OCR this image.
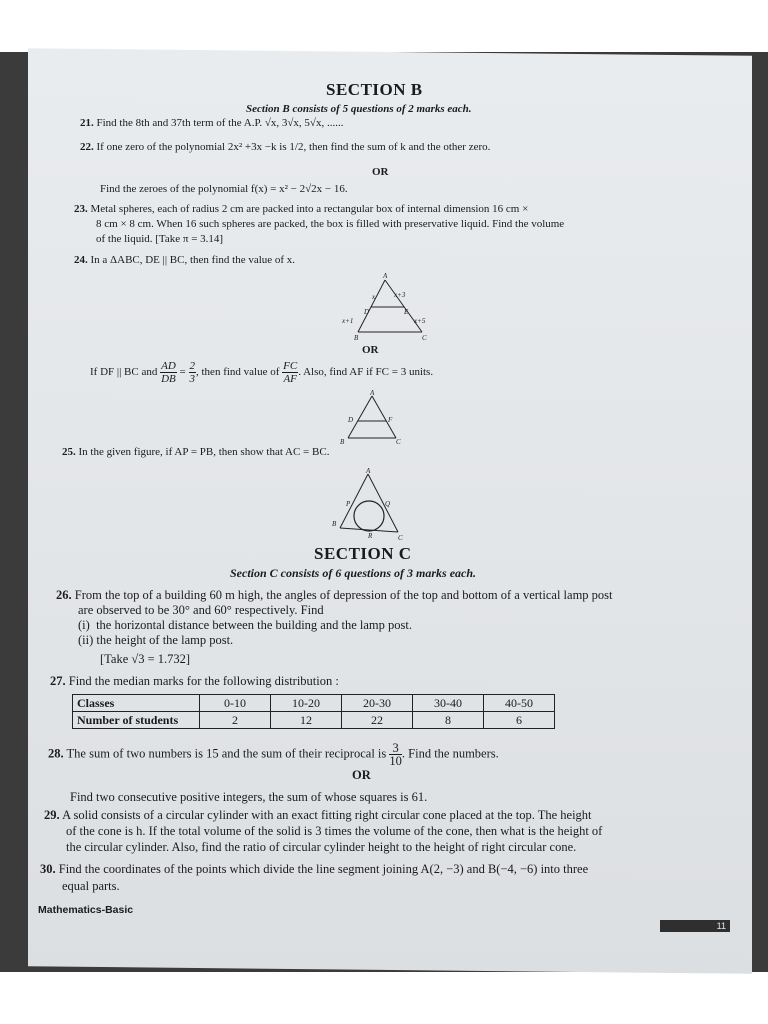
SECTION B
Section B consists of 5 questions of 2 marks each.
21. Find the 8th and 37th term of the A.P. √x, 3√x, 5√x, ......
22. If one zero of the polynomial 2x² +3x −k is 1/2, then find the sum of k and the other zero.
OR
Find the zeroes of the polynomial f(x) = x² − 2√2x − 16.
23. Metal spheres, each of radius 2 cm are packed into a rectangular box of internal dimension 16 cm ×
8 cm × 8 cm. When 16 such spheres are packed, the box is filled with preservative liquid. Find the volume
of the liquid. [Take π = 3.14]
24. In a ΔABC, DE || BC, then find the value of x.
A
x	x+3
D	E
x+1	x+5
B	C
OR
If DF || BC and $\frac{AD}{DB} = \frac{2}{3}$ , then find value of $\frac{FC}{AF}$ . Also, find AF if FC = 3 units.
A
D	F
B	C
25. In the given figure, if AP = PB, then show that AC = BC.
A
P	Q
B
R	C
SECTION C
Section C consists of 6 questions of 3 marks each.
26. From the top of a building 60 m high, the angles of depression of the top and bottom of a vertical lamp post
are observed to be 30° and 60° respectively. Find
(i) the horizontal distance between the building and the lamp post.
(ii) the height of the lamp post.
[Take √3 = 1.732]
27. Find the median marks for the following distribution :
Classes	0-10	10-20	20-30	30-40	40-50
Number of students	2	12	22	8	6
28. The sum of two numbers is 15 and the sum of their reciprocal is $\frac{3}{10}$ . Find the numbers.
OR
Find two consecutive positive integers, the sum of whose squares is 61.
29. A solid consists of a circular cylinder with an exact fitting right circular cone placed at the top. The height
of the cone is h. If the total volume of the solid is 3 times the volume of the cone, then what is the height of
the circular cylinder. Also, find the ratio of circular cylinder height to the height of right circular cone.
30. Find the coordinates of the points which divide the line segment joining A(2, −3) and B(−4, −6) into three
equal parts.
Mathematics-Basic
11
